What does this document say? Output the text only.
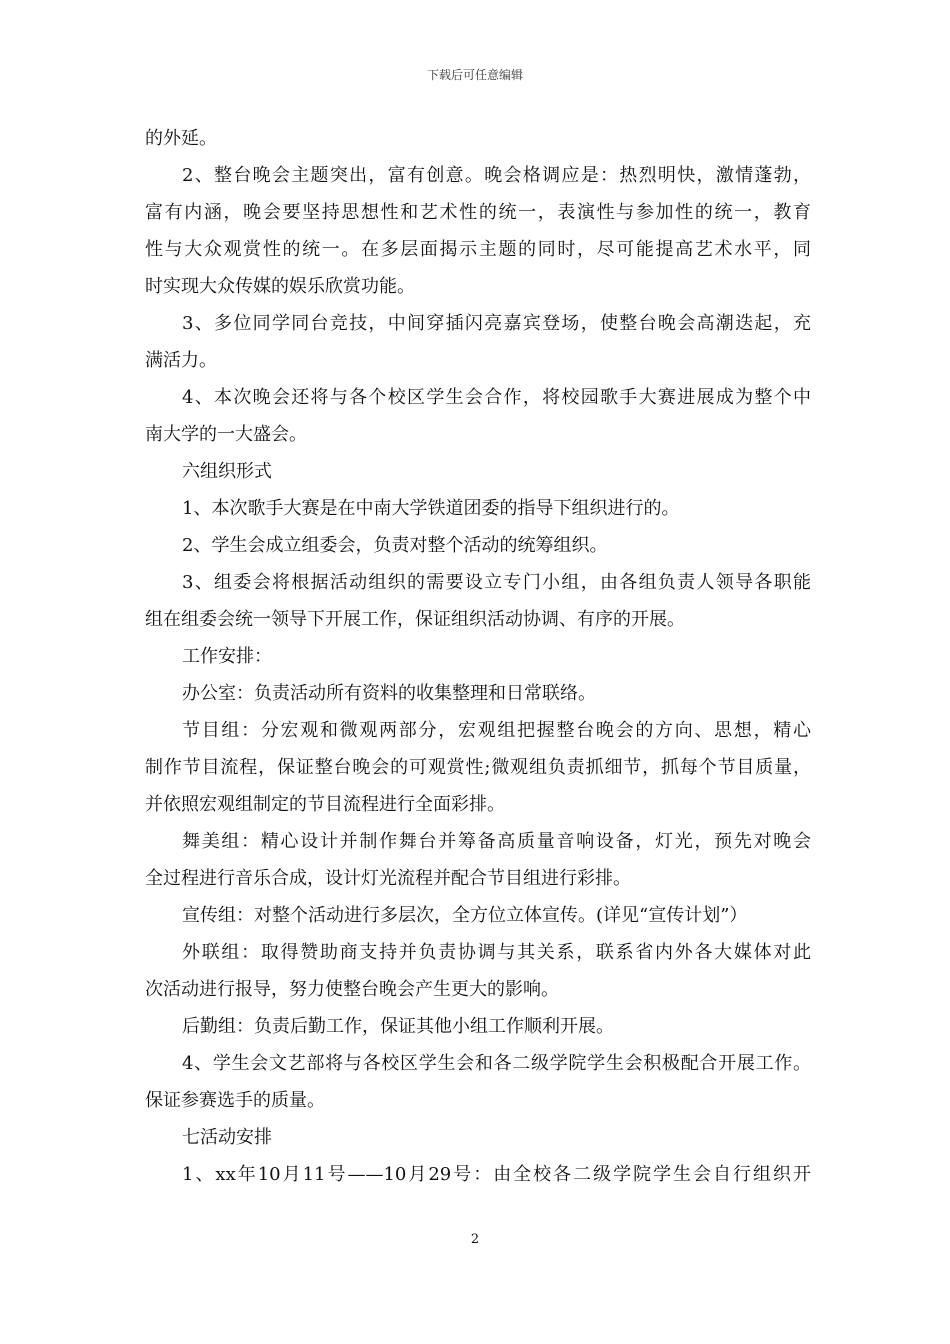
下载后可任意编辑
的外延。
2、整台晚会主题突出，富有创意。晚会格调应是：热烈明快，激情蓬勃，
富有内涵，晚会要坚持思想性和艺术性的统一，表演性与参加性的统一，教育
性与大众观赏性的统一。在多层面揭示主题的同时，尽可能提高艺术水平，同
时实现大众传媒的娱乐欣赏功能。
3、多位同学同台竞技，中间穿插闪亮嘉宾登场，使整台晚会高潮迭起，充
满活力。
4、本次晚会还将与各个校区学生会合作，将校园歌手大赛进展成为整个中
南大学的一大盛会。
六组织形式
1、本次歌手大赛是在中南大学铁道团委的指导下组织进行的。
2、学生会成立组委会，负责对整个活动的统筹组织。
3、组委会将根据活动组织的需要设立专门小组，由各组负责人领导各职能
组在组委会统一领导下开展工作，保证组织活动协调、有序的开展。
工作安排：
办公室：负责活动所有资料的收集整理和日常联络。
节目组：分宏观和微观两部分，宏观组把握整台晚会的方向、思想，精心
制作节目流程，保证整台晚会的可观赏性;微观组负责抓细节，抓每个节目质量，
并依照宏观组制定的节目流程进行全面彩排。
舞美组：精心设计并制作舞台并筹备高质量音响设备，灯光，预先对晚会
全过程进行音乐合成，设计灯光流程并配合节目组进行彩排。
宣传组：对整个活动进行多层次，全方位立体宣传。(详见“宣传计划”）
外联组：取得赞助商支持并负责协调与其关系，联系省内外各大媒体对此
次活动进行报导，努力使整台晚会产生更大的影响。
后勤组：负责后勤工作，保证其他小组工作顺利开展。
4、学生会文艺部将与各校区学生会和各二级学院学生会积极配合开展工作。
保证参赛选手的质量。
七活动安排
1、xx年10月11号——10月29号：由全校各二级学院学生会自行组织开
2
